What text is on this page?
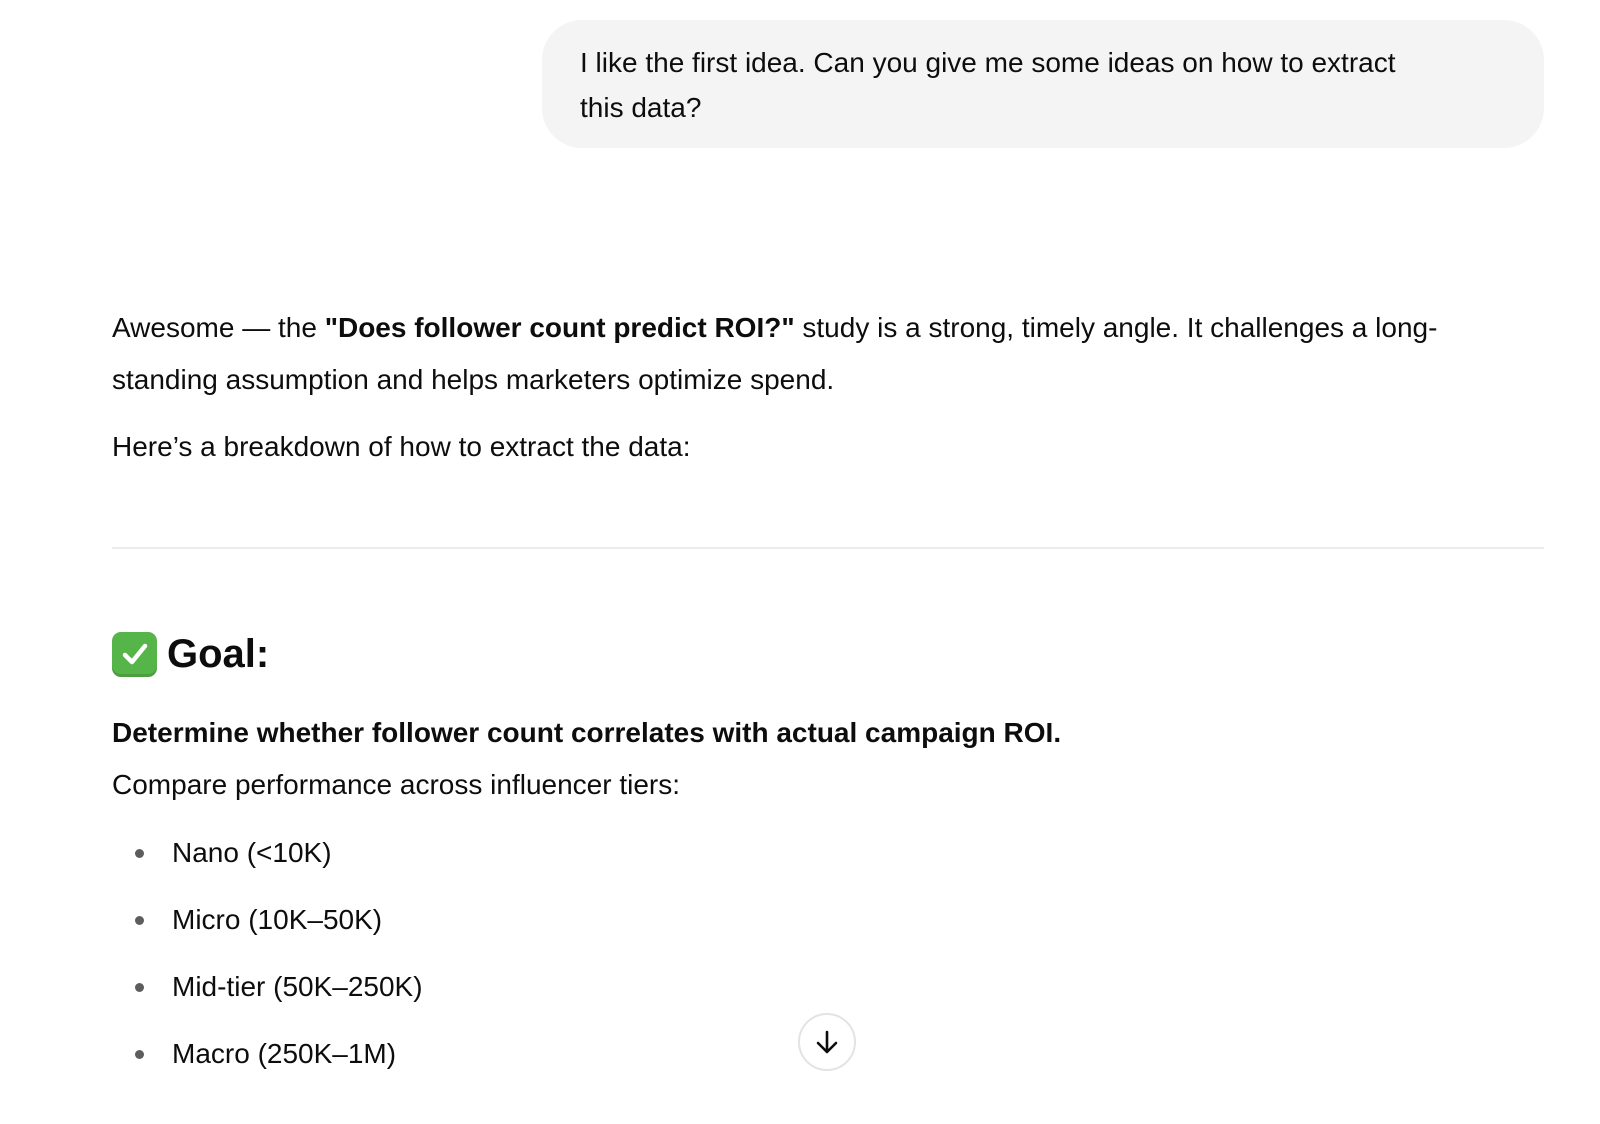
I like the first idea. Can you give me some ideas on how to extract
this data?

Awesome — the "Does follower count predict ROI?" study is a strong, timely angle. It challenges a long-

standing assumption and helps marketers optimize spend.

Here’s a breakdown of how to extract the data:

Goal:

Determine whether follower count correlates with actual campaign ROI.

Compare performance across influencer tiers:

Nano (<10K)
Micro (10K–50K)
Mid-tier (50K–250K)
Macro (250K–1M)
